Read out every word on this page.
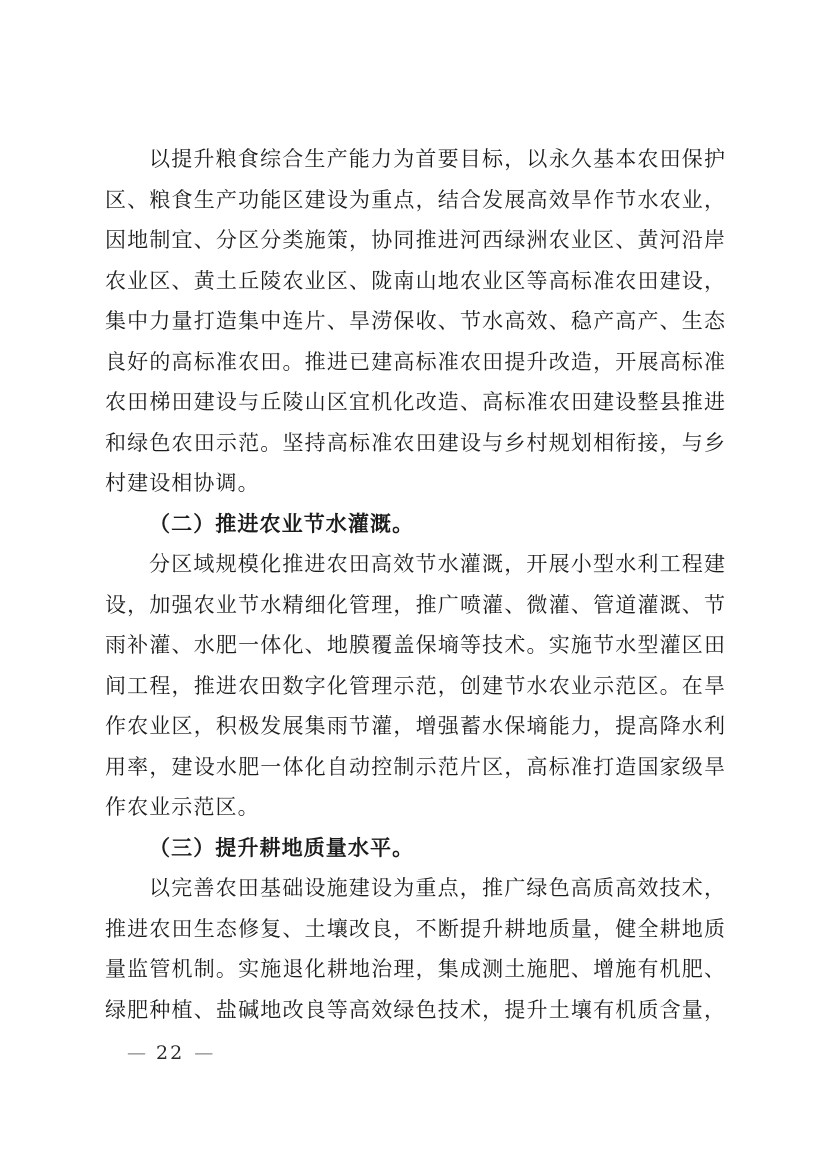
以提升粮食综合生产能力为首要目标，以永久基本农田保护
区、粮食生产功能区建设为重点，结合发展高效旱作节水农业，
因地制宜、分区分类施策，协同推进河西绿洲农业区、黄河沿岸
农业区、黄土丘陵农业区、陇南山地农业区等高标准农田建设，
集中力量打造集中连片、旱涝保收、节水高效、稳产高产、生态
良好的高标准农田。推进已建高标准农田提升改造，开展高标准
农田梯田建设与丘陵山区宜机化改造、高标准农田建设整县推进
和绿色农田示范。坚持高标准农田建设与乡村规划相衔接，与乡
村建设相协调。
（二）推进农业节水灌溉。
分区域规模化推进农田高效节水灌溉，开展小型水利工程建
设，加强农业节水精细化管理，推广喷灌、微灌、管道灌溉、节
雨补灌、水肥一体化、地膜覆盖保墒等技术。实施节水型灌区田
间工程，推进农田数字化管理示范，创建节水农业示范区。在旱
作农业区，积极发展集雨节灌，增强蓄水保墒能力，提高降水利
用率，建设水肥一体化自动控制示范片区，高标准打造国家级旱
作农业示范区。
（三）提升耕地质量水平。
以完善农田基础设施建设为重点，推广绿色高质高效技术，
推进农田生态修复、土壤改良，不断提升耕地质量，健全耕地质
量监管机制。实施退化耕地治理，集成测土施肥、增施有机肥、
绿肥种植、盐碱地改良等高效绿色技术，提升土壤有机质含量，
— 22 —
